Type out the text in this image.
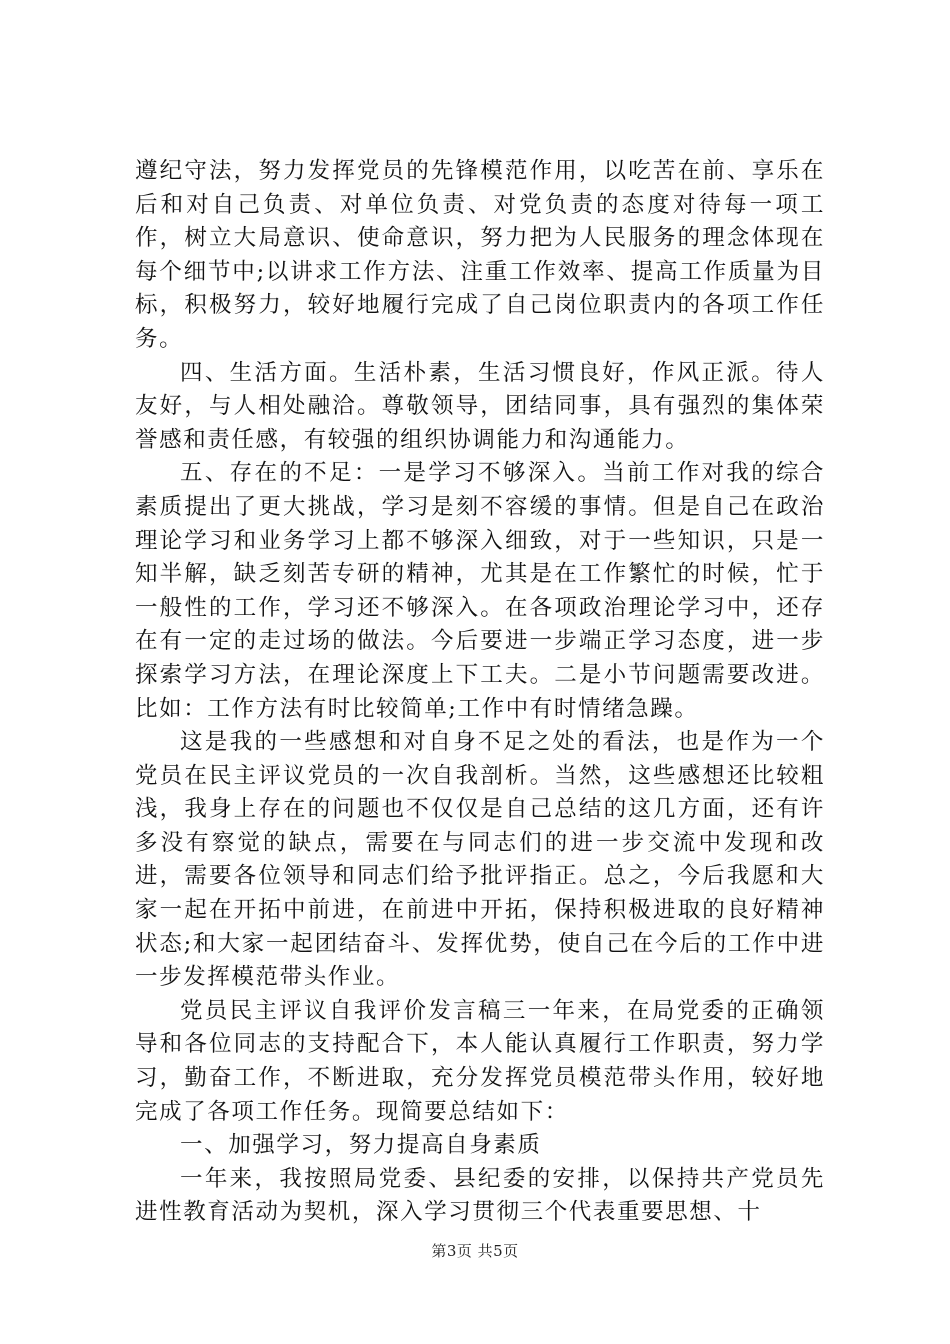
遵纪守法，努力发挥党员的先锋模范作用，以吃苦在前、享乐在后和对自己负责、对单位负责、对党负责的态度对待每一项工作，树立大局意识、使命意识，努力把为人民服务的理念体现在每个细节中;以讲求工作方法、注重工作效率、提高工作质量为目标，积极努力，较好地履行完成了自己岗位职责内的各项工作任务。

四、生活方面。生活朴素，生活习惯良好，作风正派。待人友好，与人相处融洽。尊敬领导，团结同事，具有强烈的集体荣誉感和责任感，有较强的组织协调能力和沟通能力。

五、存在的不足：一是学习不够深入。当前工作对我的综合素质提出了更大挑战，学习是刻不容缓的事情。但是自己在政治理论学习和业务学习上都不够深入细致，对于一些知识，只是一知半解，缺乏刻苦专研的精神，尤其是在工作繁忙的时候，忙于一般性的工作，学习还不够深入。在各项政治理论学习中，还存在有一定的走过场的做法。今后要进一步端正学习态度，进一步探索学习方法，在理论深度上下工夫。二是小节问题需要改进。比如：工作方法有时比较简单;工作中有时情绪急躁。

这是我的一些感想和对自身不足之处的看法，也是作为一个党员在民主评议党员的一次自我剖析。当然，这些感想还比较粗浅，我身上存在的问题也不仅仅是自己总结的这几方面，还有许多没有察觉的缺点，需要在与同志们的进一步交流中发现和改进，需要各位领导和同志们给予批评指正。总之，今后我愿和大家一起在开拓中前进，在前进中开拓，保持积极进取的良好精神状态;和大家一起团结奋斗、发挥优势，使自己在今后的工作中进一步发挥模范带头作业。

党员民主评议自我评价发言稿三一年来，在局党委的正确领导和各位同志的支持配合下，本人能认真履行工作职责，努力学习，勤奋工作，不断进取，充分发挥党员模范带头作用，较好地完成了各项工作任务。现简要总结如下：

一、加强学习，努力提高自身素质

一年来，我按照局党委、县纪委的安排，以保持共产党员先进性教育活动为契机，深入学习贯彻三个代表重要思想、十

第3页 共5页
